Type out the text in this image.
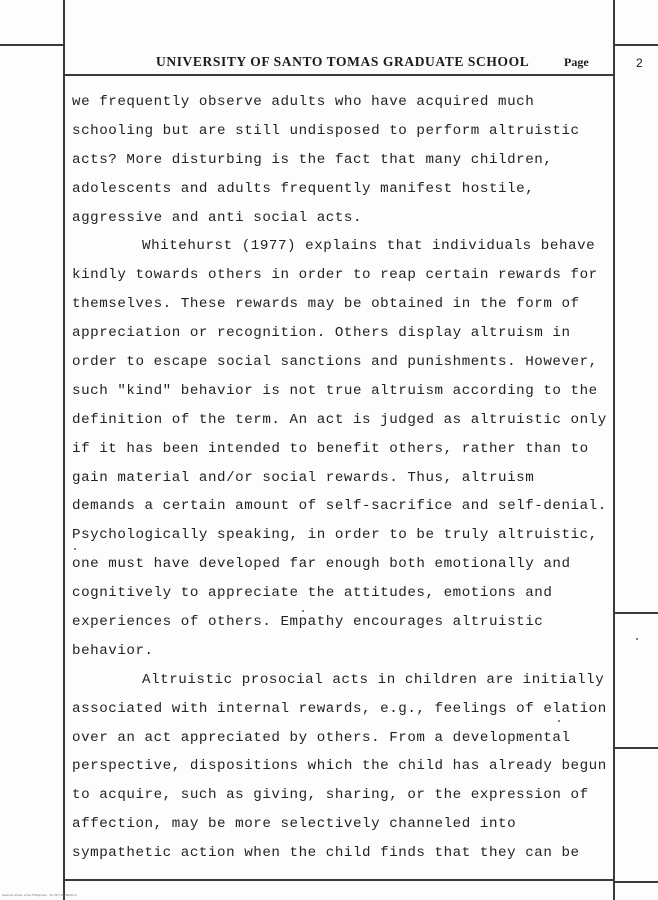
UNIVERSITY OF SANTO TOMAS GRADUATE SCHOOL	Page	2
we frequently observe adults who have acquired much
schooling but are still undisposed to perform altruistic
acts? More disturbing is the fact that many children,
adolescents and adults frequently manifest hostile,
aggressive and anti social acts.
Whitehurst (1977) explains that individuals behave
kindly towards others in order to reap certain rewards for
themselves. These rewards may be obtained in the form of
appreciation or recognition. Others display altruism in
order to escape social sanctions and punishments. However,
such "kind" behavior is not true altruism according to the
definition of the term. An act is judged as altruistic only
if it has been intended to benefit others, rather than to
gain material and/or social rewards. Thus, altruism
demands a certain amount of self-sacrifice and self-denial.
Psychologically speaking, in order to be truly altruistic,
one must have developed far enough both emotionally and
cognitively to appreciate the attitudes, emotions and
experiences of others. Empathy encourages altruistic
behavior.
Altruistic prosocial acts in children are initially
associated with internal rewards, e.g., feelings of elation
over an act appreciated by others. From a developmental
perspective, dispositions which the child has already begun
to acquire, such as giving, sharing, or the expression of
affection, may be more selectively channeled into
sympathetic action when the child finds that they can be
National Library of the Philippines · SL-PDT-00000001-0
